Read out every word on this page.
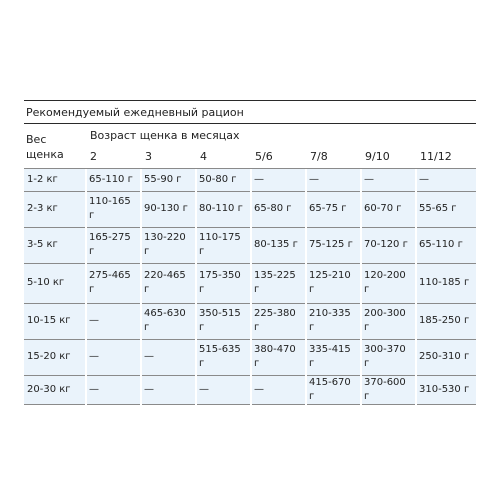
Рекомендуемый ежедневный рацион
Вес
щенка
Возраст щенка в месяцах
2	3	4	5/6	7/8	9/10	11/12
1-2 кг	65-110 г	55-90 г	50-80 г	—	—	—	—
2-3 кг	110-165 г	90-130 г	80-110 г	65-80 г	65-75 г	60-70 г	55-65 г
3-5 кг	165-275 г	130-220 г	110-175 г	80-135 г	75-125 г	70-120 г	65-110 г
5-10 кг	275-465 г	220-465 г	175-350 г	135-225 г	125-210 г	120-200 г	110-185 г
10-15 кг	—	465-630 г	350-515 г	225-380 г	210-335 г	200-300 г	185-250 г
15-20 кг	—	—	515-635 г	380-470 г	335-415 г	300-370 г	250-310 г
20-30 кг	—	—	—	—	415-670 г	370-600 г	310-530 г
